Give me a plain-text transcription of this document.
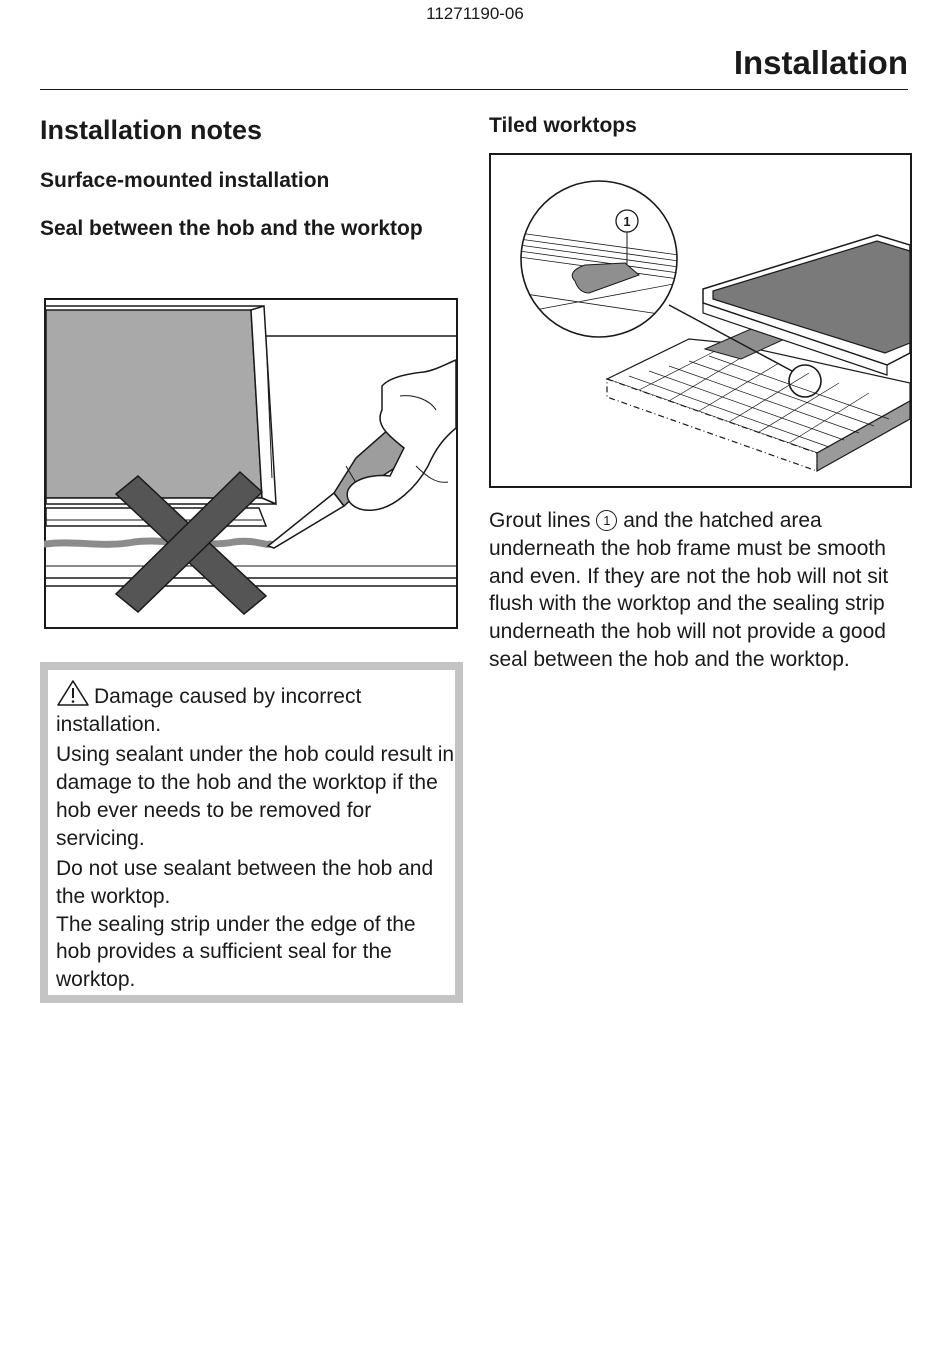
11271190-06
Installation
Installation notes
Surface-mounted installation
Seal between the hob and the worktop

Damage caused by incorrect installation.

Using sealant under the hob could result in damage to the hob and the worktop if the hob ever needs to be removed for servicing.

Do not use sealant between the hob and the worktop.

The sealing strip under the edge of the hob provides a sufficient seal for the worktop.

Tiled worktops
1
Grout lines 1 and the hatched area underneath the hob frame must be smooth and even. If they are not the hob will not sit flush with the worktop and the sealing strip underneath the hob will not provide a good seal between the hob and the worktop.
